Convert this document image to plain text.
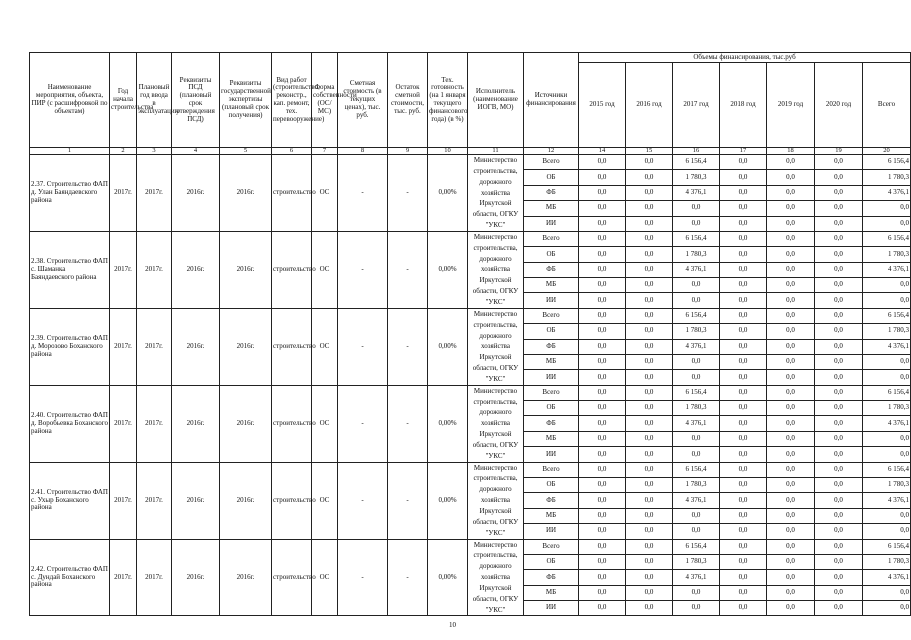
Наименование мероприятия, объекта, ПИР (с расшифровкой по объектам)	Год начала строительства	Плановый год ввода в эксплуатацию	Реквизиты ПСД (плановый срок утверждения ПСД)	Реквизиты государственной экспертизы (плановый срок получения)	Вид работ (строительство, реконстр., кап. ремонт, тех. перевооружение)	Форма собственности (ОС/МС)	Сметная стоимость (в текущих ценах), тыс. руб.	Остаток сметной стоимости, тыс. руб.	Тех. готовность (на 1 января текущего финансового года) (в %)	Исполнитель (наименование ИОГВ, МО)	Источники финансирования	Объемы финансирования, тыс.руб						
												2015 год	2016 год	2017 год	2018 год	2019 год	2020 год	Всего
1	2	3	4	5	6	7	8	9	10	11	12	14	15	16	17	18	19	20
2.37. Строительство ФАП д. Улан Баяндаевского района	2017г.	2017г.	2016г.	2016г.	строительство	ОС	-	-	0,00%	Министерство строительства, дорожного хозяйства Иркутской области, ОГКУ "УКС"	Всего	0,0	0,0	6 156,4	0,0	0,0	0,0	6 156,4
											ОБ	0,0	0,0	1 780,3	0,0	0,0	0,0	1 780,3
											ФБ	0,0	0,0	4 376,1	0,0	0,0	0,0	4 376,1
											МБ	0,0	0,0	0,0	0,0	0,0	0,0	0,0
											ИИ	0,0	0,0	0,0	0,0	0,0	0,0	0,0
2.38. Строительство ФАП с. Шаманка Баяндаевского района	2017г.	2017г.	2016г.	2016г.	строительство	ОС	-	-	0,00%	Министерство строительства, дорожного хозяйства Иркутской области, ОГКУ "УКС"	Всего	0,0	0,0	6 156,4	0,0	0,0	0,0	6 156,4
											ОБ	0,0	0,0	1 780,3	0,0	0,0	0,0	1 780,3
											ФБ	0,0	0,0	4 376,1	0,0	0,0	0,0	4 376,1
											МБ	0,0	0,0	0,0	0,0	0,0	0,0	0,0
											ИИ	0,0	0,0	0,0	0,0	0,0	0,0	0,0
2.39. Строительство ФАП д. Морозово Боханского района	2017г.	2017г.	2016г.	2016г.	строительство	ОС	-	-	0,00%	Министерство строительства, дорожного хозяйства Иркутской области, ОГКУ "УКС"	Всего	0,0	0,0	6 156,4	0,0	0,0	0,0	6 156,4
											ОБ	0,0	0,0	1 780,3	0,0	0,0	0,0	1 780,3
											ФБ	0,0	0,0	4 376,1	0,0	0,0	0,0	4 376,1
											МБ	0,0	0,0	0,0	0,0	0,0	0,0	0,0
											ИИ	0,0	0,0	0,0	0,0	0,0	0,0	0,0
2.40. Строительство ФАП д. Воробьевка Боханского района	2017г.	2017г.	2016г.	2016г.	строительство	ОС	-	-	0,00%	Министерство строительства, дорожного хозяйства Иркутской области, ОГКУ "УКС"	Всего	0,0	0,0	6 156,4	0,0	0,0	0,0	6 156,4
											ОБ	0,0	0,0	1 780,3	0,0	0,0	0,0	1 780,3
											ФБ	0,0	0,0	4 376,1	0,0	0,0	0,0	4 376,1
											МБ	0,0	0,0	0,0	0,0	0,0	0,0	0,0
											ИИ	0,0	0,0	0,0	0,0	0,0	0,0	0,0
2.41. Строительство ФАП с. Ухыр Боханского района	2017г.	2017г.	2016г.	2016г.	строительство	ОС	-	-	0,00%	Министерство строительства, дорожного хозяйства Иркутской области, ОГКУ "УКС"	Всего	0,0	0,0	6 156,4	0,0	0,0	0,0	6 156,4
											ОБ	0,0	0,0	1 780,3	0,0	0,0	0,0	1 780,3
											ФБ	0,0	0,0	4 376,1	0,0	0,0	0,0	4 376,1
											МБ	0,0	0,0	0,0	0,0	0,0	0,0	0,0
											ИИ	0,0	0,0	0,0	0,0	0,0	0,0	0,0
2.42. Строительство ФАП с. Дундай Боханского района	2017г.	2017г.	2016г.	2016г.	строительство	ОС	-	-	0,00%	Министерство строительства, дорожного хозяйства Иркутской области, ОГКУ "УКС"	Всего	0,0	0,0	6 156,4	0,0	0,0	0,0	6 156,4
											ОБ	0,0	0,0	1 780,3	0,0	0,0	0,0	1 780,3
											ФБ	0,0	0,0	4 376,1	0,0	0,0	0,0	4 376,1
											МБ	0,0	0,0	0,0	0,0	0,0	0,0	0,0
											ИИ	0,0	0,0	0,0	0,0	0,0	0,0	0,0
10
